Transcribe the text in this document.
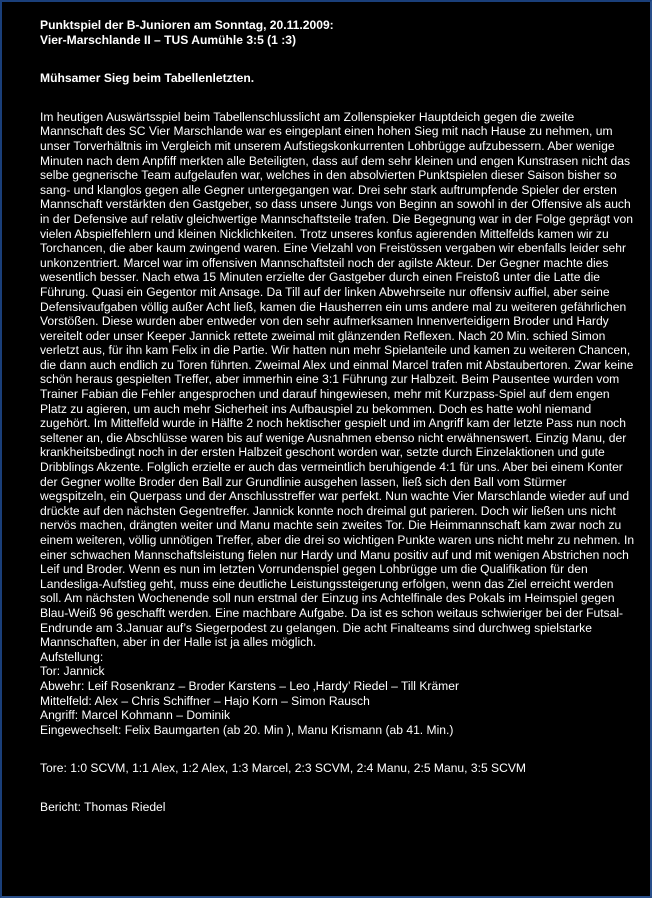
Punktspiel der B-Junioren am Sonntag, 20.11.2009:
Vier-Marschlande II – TUS Aumühle 3:5 (1 :3)
Mühsamer Sieg beim Tabellenletzten.
Im heutigen Auswärtsspiel beim Tabellenschlusslicht am Zollenspieker Hauptdeich gegen die zweite Mannschaft des SC Vier Marschlande war es eingeplant einen hohen Sieg mit nach Hause zu nehmen, um unser Torverhältnis im Vergleich mit unserem Aufstiegskonkurrenten Lohbrügge aufzubessern. Aber wenige Minuten nach dem Anpfiff merkten alle Beteiligten, dass auf dem sehr kleinen und engen Kunstrasen nicht das selbe gegnerische Team aufgelaufen war, welches in den absolvierten Punktspielen dieser Saison bisher so sang- und klanglos gegen alle Gegner untergegangen war. Drei sehr stark auftrumpfende Spieler der ersten Mannschaft verstärkten den Gastgeber, so dass unsere Jungs von Beginn an sowohl in der Offensive als auch in der Defensive auf relativ gleichwertige Mannschaftsteile trafen. Die Begegnung war in der Folge geprägt von vielen Abspielfehlern und kleinen Nicklichkeiten. Trotz unseres konfus agierenden Mittelfelds kamen wir zu Torchancen, die aber kaum zwingend waren. Eine Vielzahl von Freistössen vergaben wir ebenfalls leider sehr unkonzentriert. Marcel war im offensiven Mannschaftsteil noch der agilste Akteur. Der Gegner machte dies wesentlich besser. Nach etwa 15 Minuten erzielte der Gastgeber durch einen Freistoß unter die Latte die Führung. Quasi ein Gegentor mit Ansage. Da Till auf der linken Abwehrseite nur offensiv auffiel, aber seine Defensivaufgaben völlig außer Acht ließ, kamen die Hausherren ein ums andere mal zu weiteren gefährlichen Vorstößen. Diese wurden aber entweder von den sehr aufmerksamen Innenverteidigern Broder und Hardy vereitelt oder unser Keeper Jannick rettete zweimal mit glänzenden Reflexen. Nach 20 Min. schied Simon verletzt aus, für ihn kam Felix in die Partie. Wir hatten nun mehr Spielanteile und kamen zu weiteren Chancen, die dann auch endlich zu Toren führten. Zweimal Alex und einmal Marcel trafen mit Abstaubertoren. Zwar keine schön heraus gespielten Treffer, aber immerhin eine 3:1 Führung zur Halbzeit. Beim Pausentee wurden vom Trainer Fabian die Fehler angesprochen und darauf hingewiesen, mehr mit Kurzpass-Spiel auf dem engen Platz zu agieren, um auch mehr Sicherheit ins Aufbauspiel zu bekommen. Doch es hatte wohl niemand zugehört. Im Mittelfeld wurde in Hälfte 2 noch hektischer gespielt und im Angriff kam der letzte Pass nun noch seltener an, die Abschlüsse waren bis auf wenige Ausnahmen ebenso nicht erwähnenswert. Einzig Manu, der krankheitsbedingt noch in der ersten Halbzeit geschont worden war, setzte durch Einzelaktionen und gute Dribblings Akzente. Folglich erzielte er auch das vermeintlich beruhigende 4:1 für uns. Aber bei einem Konter der Gegner wollte Broder den Ball zur Grundlinie ausgehen lassen, ließ sich den Ball vom Stürmer wegspitzeln, ein Querpass und der Anschlusstreffer war perfekt. Nun wachte Vier Marschlande wieder auf und drückte auf den nächsten Gegentreffer. Jannick konnte noch dreimal gut parieren. Doch wir ließen uns nicht nervös machen, drängten weiter und Manu machte sein zweites Tor. Die Heimmannschaft kam zwar noch zu einem weiteren, völlig unnötigen Treffer, aber die drei so wichtigen Punkte waren uns nicht mehr zu nehmen. In einer schwachen Mannschaftsleistung fielen nur Hardy und Manu positiv auf und mit wenigen Abstrichen noch Leif und Broder. Wenn es nun im letzten Vorrundenspiel gegen Lohbrügge um die Qualifikation für den Landesliga-Aufstieg geht, muss eine deutliche Leistungssteigerung erfolgen, wenn das Ziel erreicht werden soll. Am nächsten Wochenende soll nun erstmal der Einzug ins Achtelfinale des Pokals im Heimspiel gegen Blau-Weiß 96 geschafft werden. Eine machbare Aufgabe. Da ist es schon weitaus schwieriger bei der Futsal-Endrunde am 3.Januar auf’s Siegerpodest zu gelangen. Die acht Finalteams sind durchweg spielstarke Mannschaften, aber in der Halle ist ja alles möglich.
Aufstellung:
Tor: Jannick
Abwehr: Leif Rosenkranz – Broder Karstens – Leo ‚Hardy’ Riedel – Till Krämer
Mittelfeld: Alex – Chris Schiffner – Hajo Korn – Simon Rausch
Angriff: Marcel Kohmann – Dominik
Eingewechselt: Felix Baumgarten (ab 20. Min ), Manu Krismann (ab 41. Min.)
Tore: 1:0 SCVM, 1:1 Alex, 1:2 Alex, 1:3 Marcel, 2:3 SCVM, 2:4 Manu, 2:5 Manu, 3:5 SCVM
Bericht: Thomas Riedel
